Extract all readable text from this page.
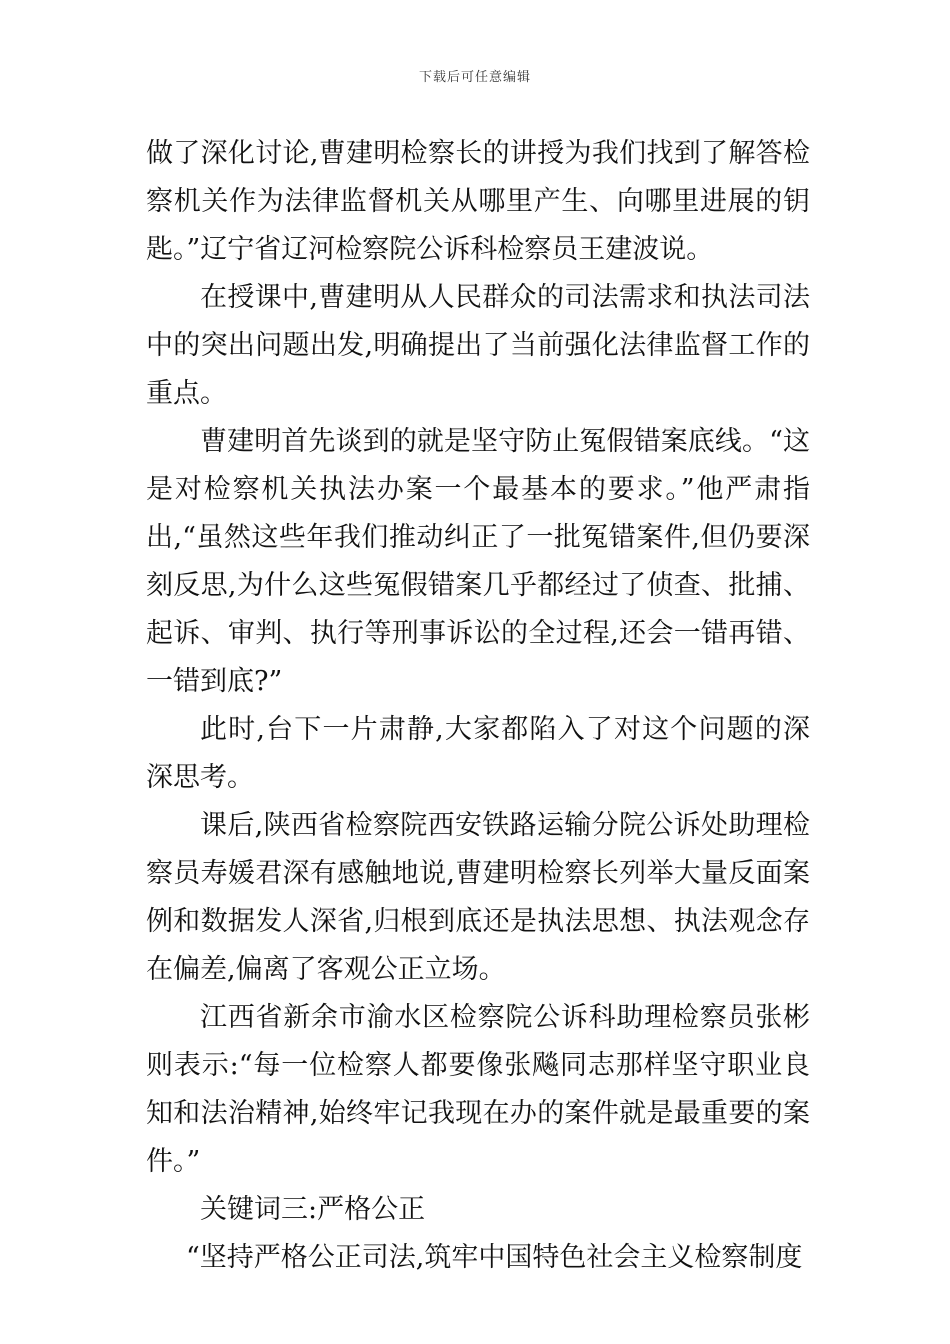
下载后可任意编辑

做了深化讨论,曹建明检察长的讲授为我们找到了解答检察机关作为法律监督机关从哪里产生、向哪里进展的钥匙。”辽宁省辽河检察院公诉科检察员王建波说。

在授课中,曹建明从人民群众的司法需求和执法司法中的突出问题出发,明确提出了当前强化法律监督工作的重点。

曹建明首先谈到的就是坚守防止冤假错案底线。“这是对检察机关执法办案一个最基本的要求。”他严肃指出,“虽然这些年我们推动纠正了一批冤错案件,但仍要深刻反思,为什么这些冤假错案几乎都经过了侦查、批捕、起诉、审判、执行等刑事诉讼的全过程,还会一错再错、一错到底?”

此时,台下一片肃静,大家都陷入了对这个问题的深深思考。

课后,陕西省检察院西安铁路运输分院公诉处助理检察员寿媛君深有感触地说,曹建明检察长列举大量反面案例和数据发人深省,归根到底还是执法思想、执法观念存在偏差,偏离了客观公正立场。

江西省新余市渝水区检察院公诉科助理检察员张彬则表示:“每一位检察人都要像张飚同志那样坚守职业良知和法治精神,始终牢记我现在办的案件就是最重要的案件。”

关键词三:严格公正

“坚持严格公正司法,筑牢中国特色社会主义检察制度
